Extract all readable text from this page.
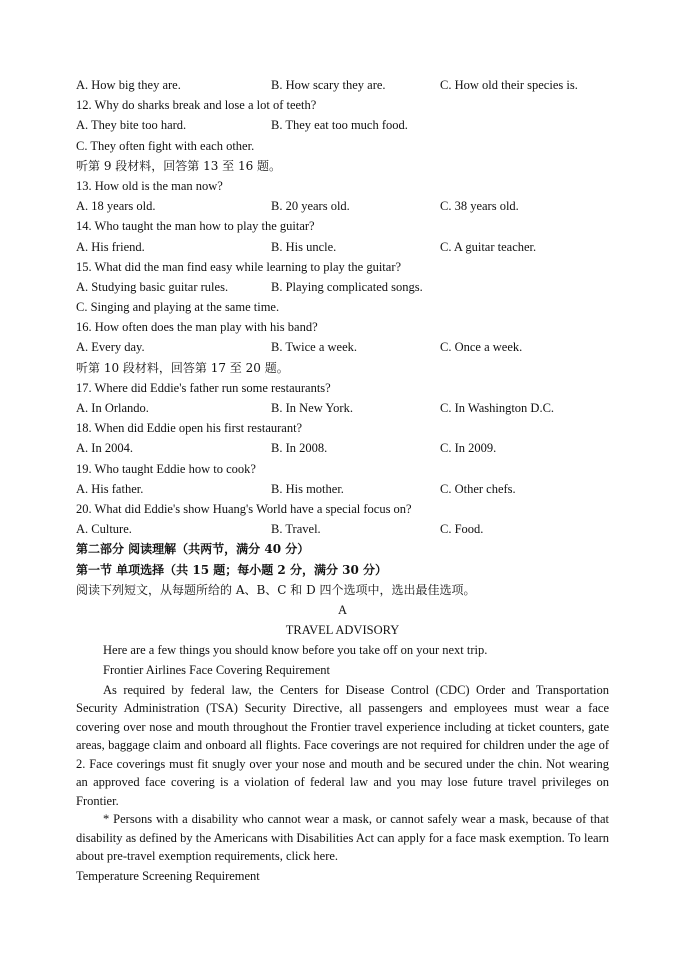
A. How big they are.	B. How scary they are.	C. How old their species is.
12. Why do sharks break and lose a lot of teeth?
A. They bite too hard.	B. They eat too much food.
C. They often fight with each other.
听第 9 段材料，回答第 13 至 16 题。
13. How old is the man now?
A. 18 years old.	B. 20 years old.	C. 38 years old.
14. Who taught the man how to play the guitar?
A. His friend.	B. His uncle.	C. A guitar teacher.
15. What did the man find easy while learning to play the guitar?
A. Studying basic guitar rules.	B. Playing complicated songs.
C. Singing and playing at the same time.
16. How often does the man play with his band?
A. Every day.	B. Twice a week.	C. Once a week.
听第 10 段材料，回答第 17 至 20 题。
17. Where did Eddie's father run some restaurants?
A. In Orlando.	B. In New York.	C. In Washington D.C.
18. When did Eddie open his first restaurant?
A. In 2004.	B. In 2008.	C. In 2009.
19. Who taught Eddie how to cook?
A. His father.	B. His mother.	C. Other chefs.
20. What did Eddie's show Huang's World have a special focus on?
A. Culture.	B. Travel.	C. Food.
第二部分 阅读理解（共两节，满分 40 分）
第一节 单项选择（共 15 题；每小题 2 分，满分 30 分）
阅读下列短文，从每题所给的 A、B、C 和 D 四个选项中，选出最佳选项。
A
TRAVEL ADVISORY
Here are a few things you should know before you take off on your next trip.
Frontier Airlines Face Covering Requirement
As required by federal law, the Centers for Disease Control (CDC) Order and Transportation Security Administration (TSA) Security Directive, all passengers and employees must wear a face covering over nose and mouth throughout the Frontier travel experience including at ticket counters, gate areas, baggage claim and onboard all flights. Face coverings are not required for children under the age of 2. Face coverings must fit snugly over your nose and mouth and be secured under the chin. Not wearing an approved face covering is a violation of federal law and you may lose future travel privileges on Frontier.
* Persons with a disability who cannot wear a mask, or cannot safely wear a mask, because of that disability as defined by the Americans with Disabilities Act can apply for a face mask exemption. To learn about pre-travel exemption requirements, click here.
Temperature Screening Requirement
